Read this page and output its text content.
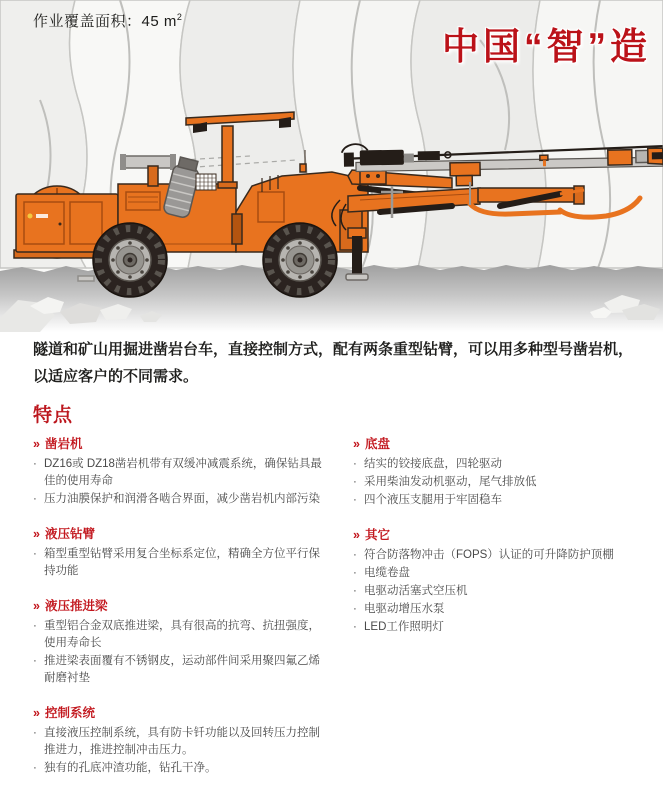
作业覆盖面积：45 $m^2$
中国“智”造

隧道和矿山用掘进凿岩台车，直接控制方式，配有两条重型钻臂，可以用多种型号凿岩机，以适应客户的不同需求。

特点
» 凿岩机
· DZ16或 DZ18凿岩机带有双缓冲减震系统，确保钻具最佳的使用寿命
· 压力油膜保护和润滑各啮合界面，减少凿岩机内部污染
» 液压钻臂
· 箱型重型钻臂采用复合坐标系定位，精确全方位平行保持功能
» 液压推进梁
· 重型铝合金双底推进梁，具有很高的抗弯、抗扭强度，使用寿命长
· 推进梁表面覆有不锈钢皮，运动部件间采用聚四氟乙烯耐磨衬垫
» 控制系统
· 直接液压控制系统，具有防卡钎功能以及回转压力控制推进力，推进控制冲击压力。
· 独有的孔底冲渣功能，钻孔干净。
» 底盘
· 结实的铰接底盘，四轮驱动
· 采用柴油发动机驱动，尾气排放低
· 四个液压支腿用于牢固稳车
» 其它
· 符合防落物冲击（FOPS）认证的可升降防护顶棚
· 电缆卷盘
· 电驱动活塞式空压机
· 电驱动增压水泵
· LED工作照明灯
